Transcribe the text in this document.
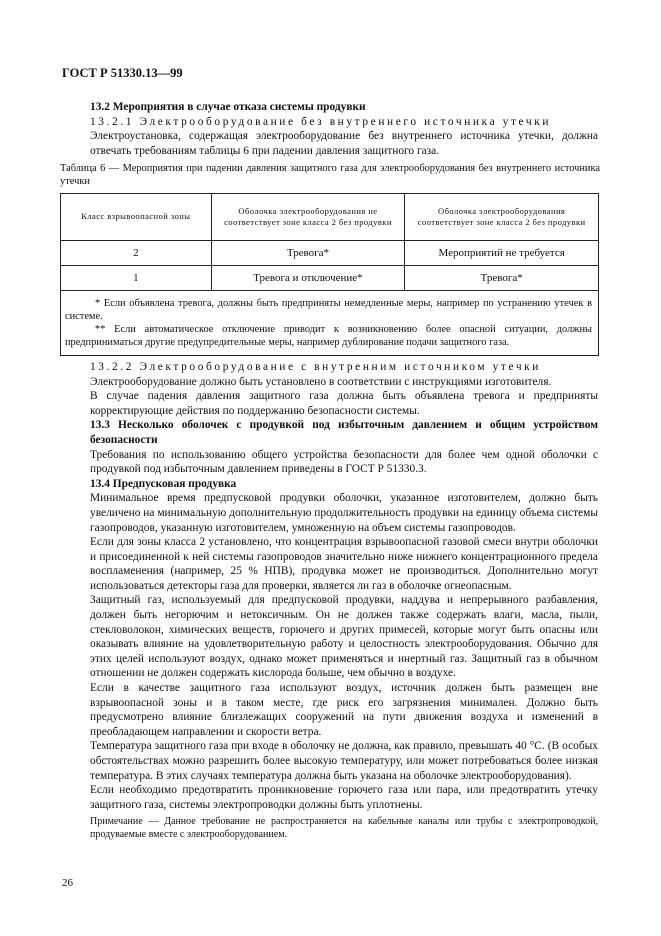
ГОСТ Р 51330.13—99

13.2 Мероприятия в случае отказа системы продувки

13.2.1 Электрооборудование без внутреннего источника утечки

Электроустановка, содержащая электрооборудование без внутреннего источника утечки, должна отвечать требованиям таблицы 6 при падении давления защитного газа.

Таблица 6 — Мероприятия при падении давления защитного газа для электрооборудования без внутреннего источника утечки

Класс взрывоопасной зоны	Оболочка электрооборудования не соответствует зоне класса 2 без продувки	Оболочка электрооборудования соответствует зоне класса 2 без продувки
2	Тревога*	Мероприятий не требуется
1	Тревога и отключение*	Тревога*

* Если объявлена тревога, должны быть предприняты немедленные меры, например по устранению утечек в системе.

** Если автоматическое отключение приводит к возникновению более опасной ситуации, должны предприниматься другие предупредительные меры, например дублирование подачи защитного газа.		

13.2.2 Электрооборудование с внутренним источником утечки

Электрооборудование должно быть установлено в соответствии с инструкциями изготовителя.

В случае падения давления защитного газа должна быть объявлена тревога и предприняты корректирующие действия по поддержанию безопасности системы.

13.3 Несколько оболочек с продувкой под избыточным давлением и общим устройством безопасности

Требования по использованию общего устройства безопасности для более чем одной оболочки с продувкой под избыточным давлением приведены в ГОСТ Р 51330.3.

13.4 Предпусковая продувка

Минимальное время предпусковой продувки оболочки, указанное изготовителем, должно быть увеличено на минимальную дополнительную продолжительность продувки на единицу объема системы газопроводов, указанную изготовителем, умноженную на объем системы газопроводов.

Если для зоны класса 2 установлено, что концентрация взрывоопасной газовой смеси внутри оболочки и присоединенной к ней системы газопроводов значительно ниже нижнего концентрационного предела воспламенения (например, 25 % НПВ), продувка может не производиться. Дополнительно могут использоваться детекторы газа для проверки, является ли газ в оболочке огнеопасным.

Защитный газ, используемый для предпусковой продувки, наддува и непрерывного разбавления, должен быть негорючим и нетоксичным. Он не должен также содержать влаги, масла, пыли, стекловолокон, химических веществ, горючего и других примесей, которые могут быть опасны или оказывать влияние на удовлетворительную работу и целостность электрооборудования. Обычно для этих целей используют воздух, однако может применяться и инертный газ. Защитный газ в обычном отношении не должен содержать кислорода больше, чем обычно в воздухе.

Если в качестве защитного газа используют воздух, источник должен быть размещен вне взрывоопасной зоны и в таком месте, где риск его загрязнения минимален. Должно быть предусмотрено влияние близлежащих сооружений на пути движения воздуха и изменений в преобладающем направлении и скорости ветра.

Температура защитного газа при входе в оболочку не должна, как правило, превышать 40 °С. (В особых обстоятельствах можно разрешить более высокую температуру, или может потребоваться более низкая температура. В этих случаях температура должна быть указана на оболочке электрооборудования).

Если необходимо предотвратить проникновение горючего газа или пара, или предотвратить утечку защитного газа, системы электропроводки должны быть уплотнены.

Примечание — Данное требование не распространяется на кабельные каналы или трубы с электропроводкой, продуваемые вместе с электрооборудованием.

26
